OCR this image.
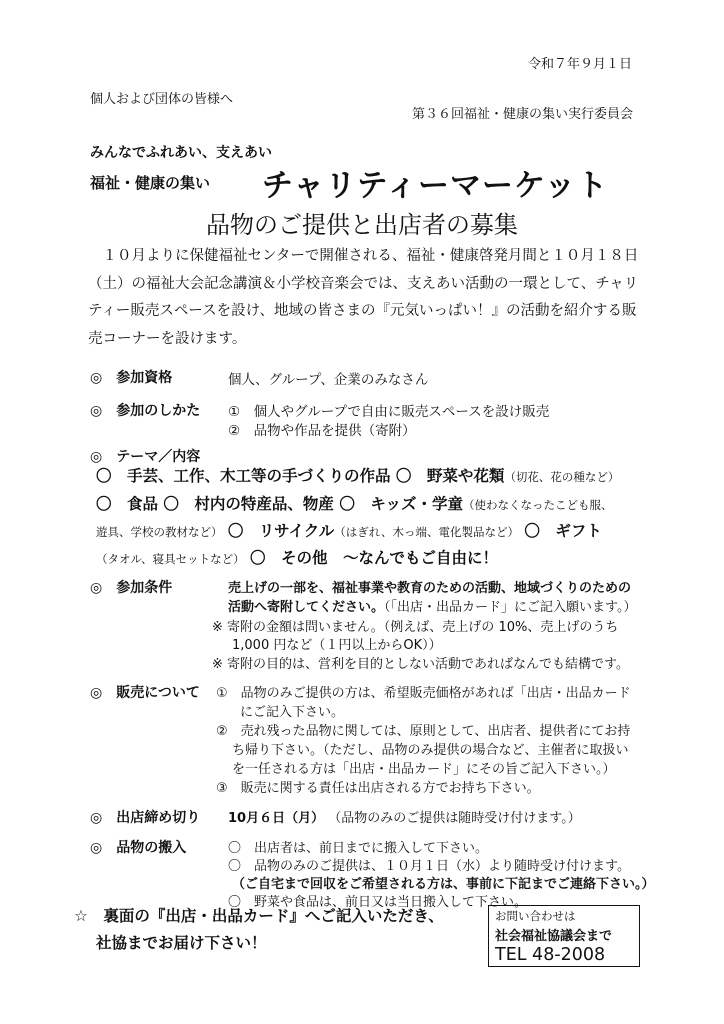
令和７年９月１日
個人および団体の皆様へ
第３６回福祉・健康の集い実行委員会
みんなでふれあい、支えあい
福祉・健康の集い チャリティーマーケット
品物のご提供と出店者の募集

１０月よりに保健福祉センターで開催される、福祉・健康啓発月間と１０月１８日（土）の福祉大会記念講演＆小学校音楽会では、支えあい活動の一環として、チャリティー販売スペースを設け、地域の皆さまの『元気いっぱい！』の活動を紹介する販売コーナーを設けます。

◎　参加資格	個人、グループ、企業のみなさん
◎　参加のしかた ①　個人やグループで自由に販売スペースを設け販売
②　品物や作品を提供（寄附）
◎　テーマ／内容
〇　手芸、工作、木工等の手づくりの作品 〇　野菜や花類（切花、花の種など）
〇　食品 〇　村内の特産品、物産 〇　キッズ・学童（使わなくなったこども服、
遊具、学校の教材など） 〇　リサイクル（はぎれ、木っ端、電化製品など） 〇　ギフト
（タオル、寝具セットなど） 〇　その他　～なんでもご自由に！
◎　参加条件	売上げの一部を、福祉事業や教育のための活動、地域づくりのための
活動へ寄附してください。（「出店・出品カード」にご記入願います。）
※ 寄附の金額は問いません。（例えば、売上げの 10%、売上げのうち
1,000 円など（１円以上からOK））
※ 寄附の目的は、営利を目的としない活動であればなんでも結構です。
◎　販売について ①　品物のみご提供の方は、希望販売価格があれば「出店・出品カード
にご記入下さい。
②　売れ残った品物に関しては、原則として、出店者、提供者にてお持
ち帰り下さい。（ただし、品物のみ提供の場合など、主催者に取扱い
を一任される方は「出店・出品カード」にその旨ご記入下さい。）
③　販売に関する責任は出店される方でお持ち下さい。
◎　出店締め切り 10月６日（月） （品物のみのご提供は随時受け付けます。）
◎　品物の搬入	〇　出店者は、前日までに搬入して下さい。
〇　品物のみのご提供は、１０月１日（水）より随時受け付けます。
（ご自宅まで回収をご希望される方は、事前に下記までご連絡下さい。）
〇　野菜や食品は、前日又は当日搬入して下さい。
☆　裏面の『出店・出品カード』へご記入いただき、
社協までお届け下さい！
お問い合わせは
社会福祉協議会まで
TEL 48-2008
